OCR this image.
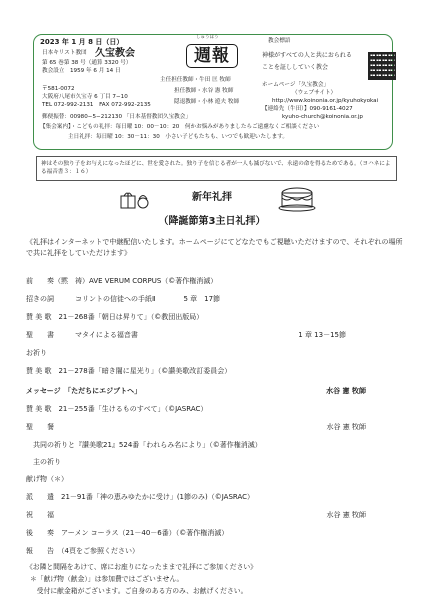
2023 年 1 月 8 日（日）
日本キリスト教団 久宝教会
第 65 巻第 38 号（通算 3320 号）
教会設立　1959 年 6 月 14 日
〒581-0072
大阪府八尾市久宝寺 6 丁目 7−10
TEL 072-992-2131　FAX 072-992-2135
しゅうほう
週報
主任担任教師・牛田 匡 牧師
担任教師・水谷 憲 牧師
隠退教師・小林 遊夫 牧師
教会標語
神様がすべての人と共におられる
ことを証ししていく教会
ホームページ「久宝教会」
（ウェブサイト）
http://www.koinonia.or.jp/kyuhokyokai
【連絡先（牛田）】090-9161-4027
kyuho-church@koinonia.or.jp
郵便振替：00980−5−212130 「日本基督教団久宝教会」
【集会案内】・こどもの礼拝：毎日曜 10：00－10：20　何かお悩みがありましたらご遠慮なくご相談ください
主日礼拝：毎日曜 10：30－11：30　小さい子どもたちも、いつでも歓迎いたします。
神はその独り子をお与えになったほどに、世を愛された。独り子を信じる者が一人も滅びないで、永遠の命を得るためである。（ヨハネによる福音書３：１６）
新年礼拝
（降誕節第3主日礼拝）
《礼拝はインターネットで中継配信いたします。ホームページにてどなたでもご視聴いただけますので、それぞれの場所で共に礼拝をしていただけます》
前　　奏（黙　祷）AVE VERUM CORPUS（©著作権消滅）
招きの詞　　　コリントの信徒への手紙Ⅱ　　　　5 章　17節
賛 美 歌　21－268番「朝日は昇りて」（©教団出版局）
聖　　書　　　マタイによる福音書	1 章 13－15節
お祈り
賛 美 歌　21－278番「暗き闇に星光り」（©讃美歌改訂委員会）
メッセージ　「ただちにエジプトへ」	水谷 憲 牧師
賛 美 歌　21－255番「生けるものすべて」（©JASRAC）
聖　　餐	水谷 憲 牧師
　共同の祈りと『讃美歌21』524番「われらみ名により」（©著作権消滅）
　主の祈り
献げ物（＊）
派　　遣　21－91番「神の恵みゆたかに受け」(1節のみ)（©JASRAC）
祝　　福	水谷 憲 牧師
後　　奏　アーメン コーラス（21－40－6番）（©著作権消滅）
報　　告　（4頁をご参照ください）
《お隣と間隔をあけて、席にお座りになったままで礼拝にご参加ください》
＊「献げ物（献金）」は参加費ではございません。
　受付に献金箱がございます。ご自身のある方のみ、お献げください。
